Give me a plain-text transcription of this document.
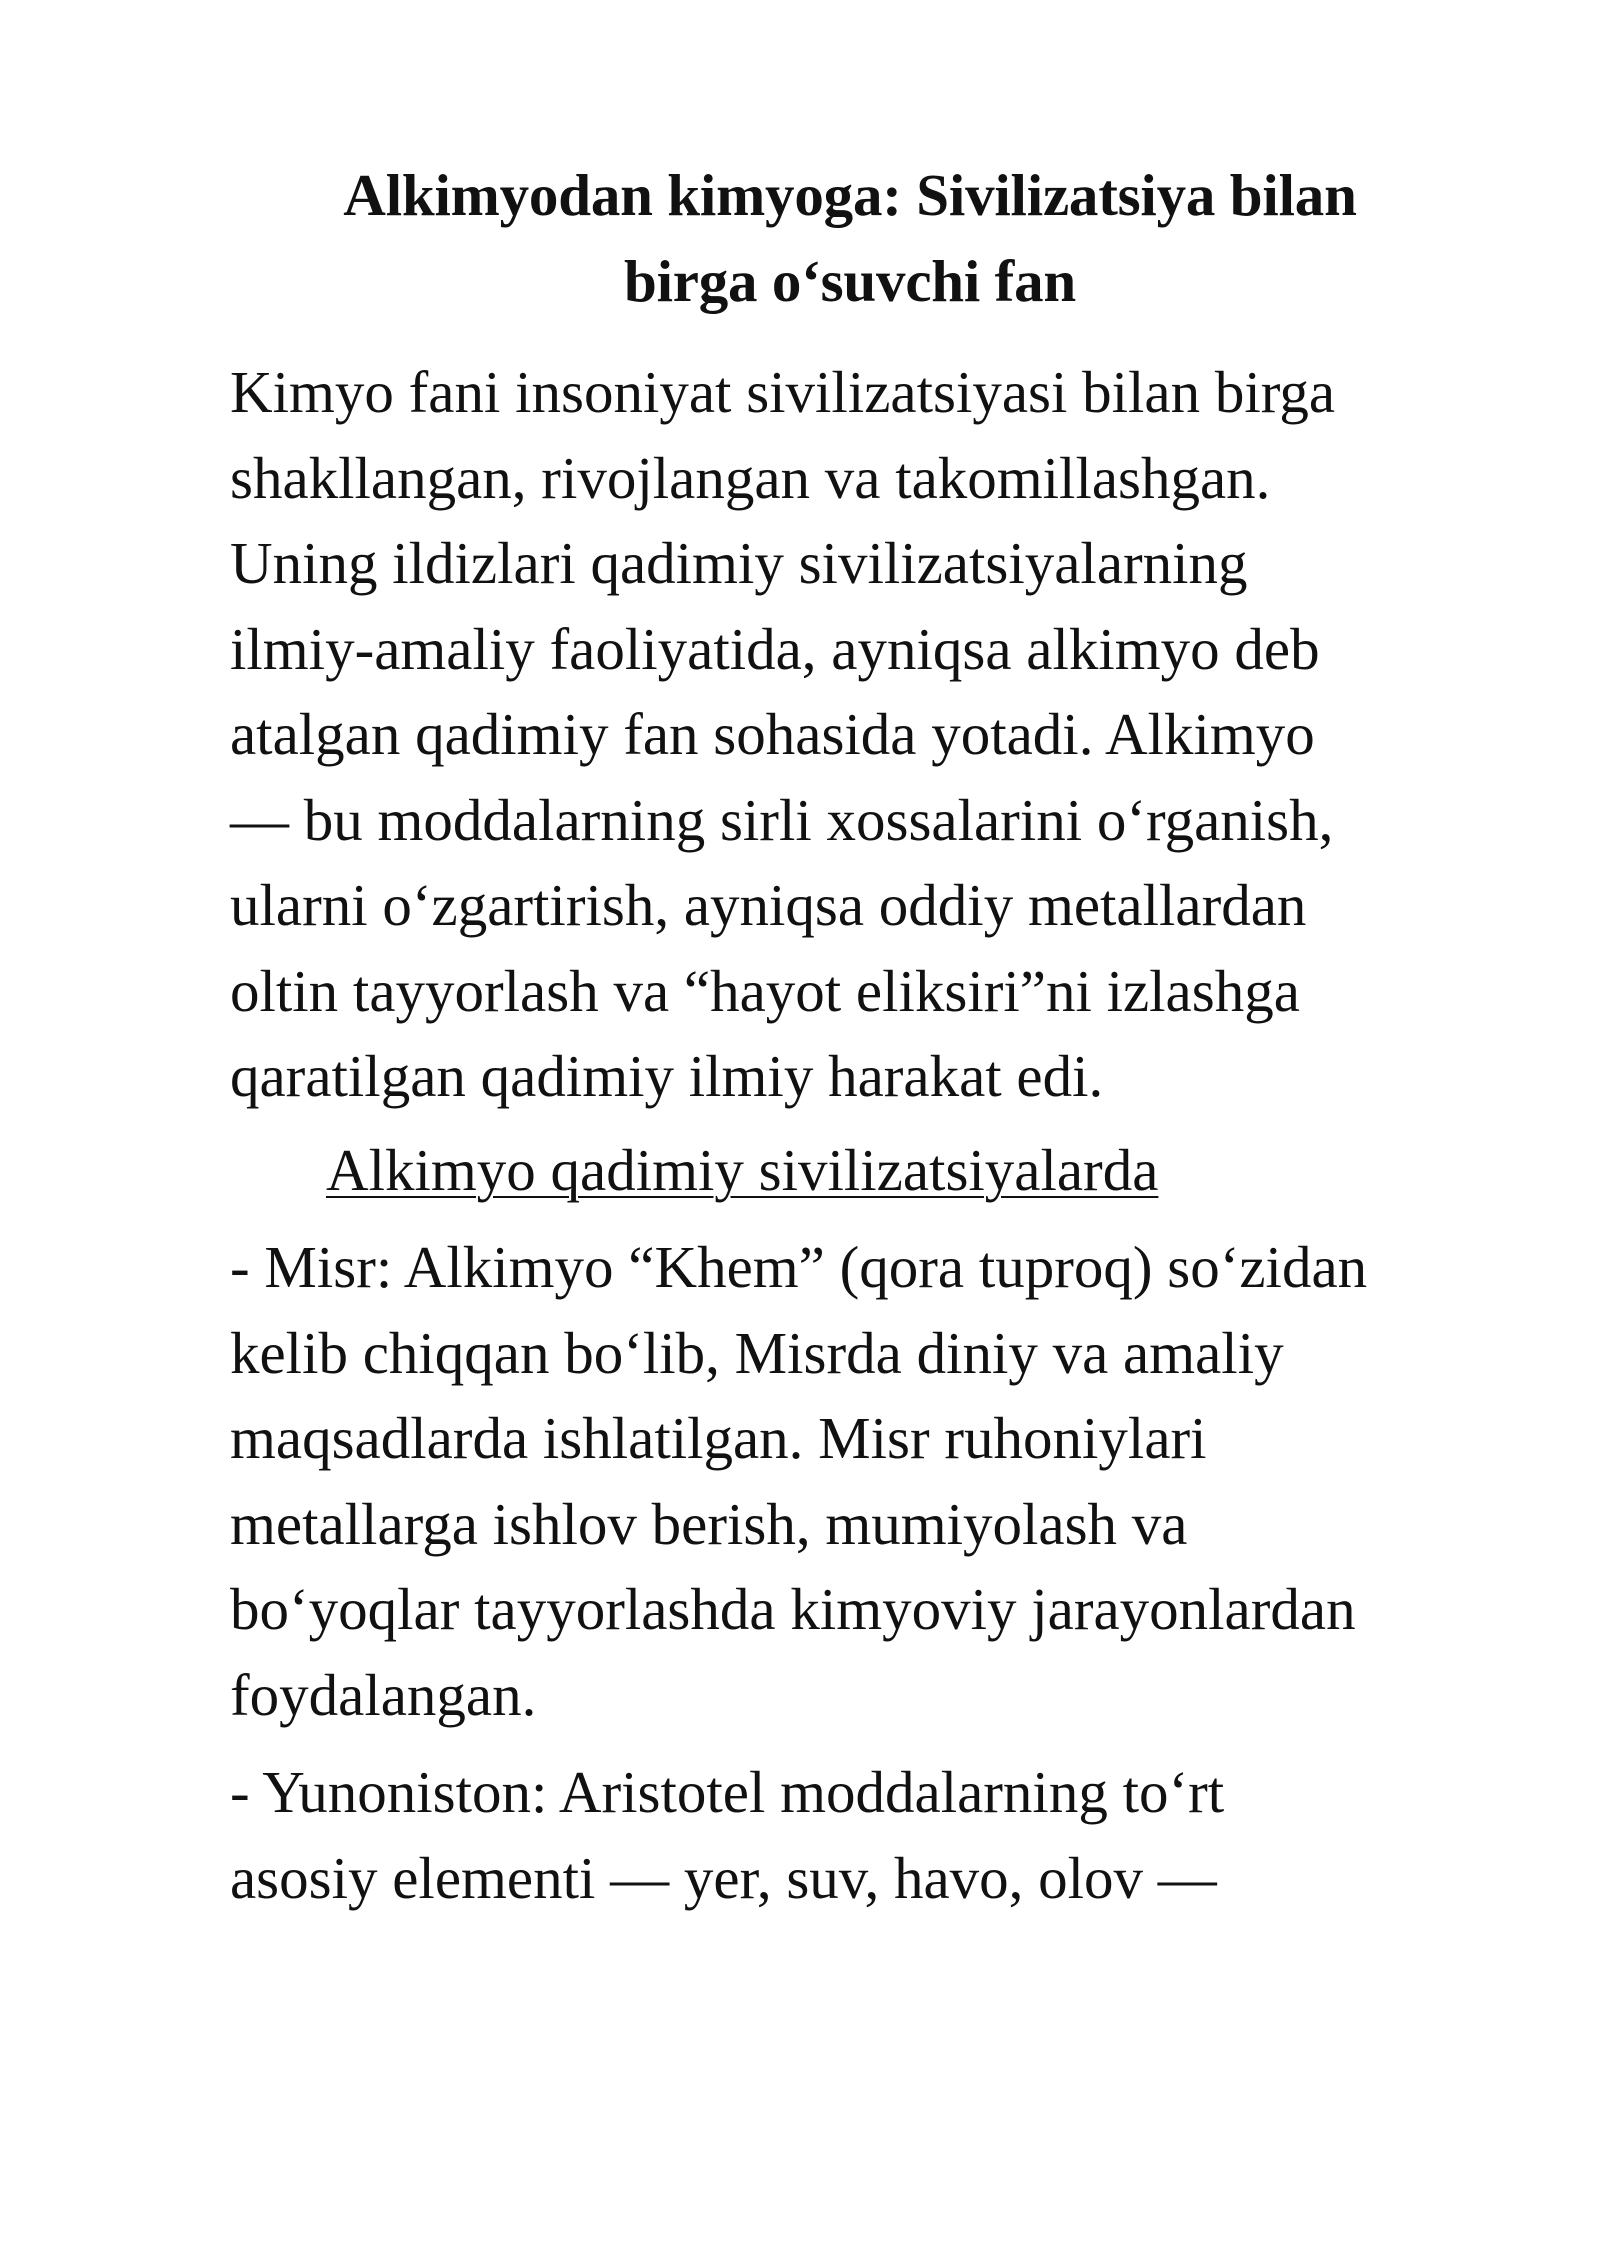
Alkimyodan kimyoga: Sivilizatsiya bilan
birga o‘suvchi fan

Kimyo fani insoniyat sivilizatsiyasi bilan birga
shakllangan, rivojlangan va takomillashgan.
Uning ildizlari qadimiy sivilizatsiyalarning
ilmiy-amaliy faoliyatida, ayniqsa alkimyo deb
atalgan qadimiy fan sohasida yotadi. Alkimyo
— bu moddalarning sirli xossalarini o‘rganish,
ularni o‘zgartirish, ayniqsa oddiy metallardan
oltin tayyorlash va “hayot eliksiri”ni izlashga
qaratilgan qadimiy ilmiy harakat edi.

Alkimyo qadimiy sivilizatsiyalarda

- Misr: Alkimyo “Khem” (qora tuproq) so‘zidan
kelib chiqqan bo‘lib, Misrda diniy va amaliy
maqsadlarda ishlatilgan. Misr ruhoniylari
metallarga ishlov berish, mumiyolash va
bo‘yoqlar tayyorlashda kimyoviy jarayonlardan
foydalangan.

- Yunoniston: Aristotel moddalarning to‘rt
asosiy elementi — yer, suv, havo, olov —
